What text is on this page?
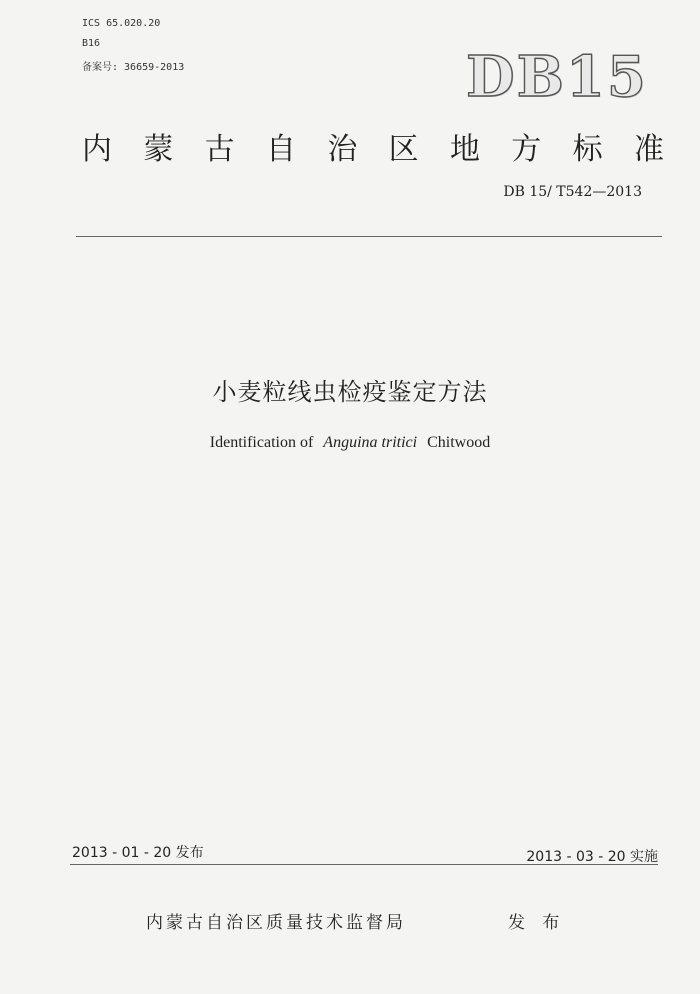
ICS 65.020.20
B16
备案号: 36659-2013	DB15
内 蒙 古 自 治 区 地 方 标 准
DB 15/ T542—2013
小麦粒线虫检疫鉴定方法
Identification of Anguina tritici Chitwood
2013 - 01 - 20 发布	2013 - 03 - 20 实施
内蒙古自治区质量技术监督局	发 布
